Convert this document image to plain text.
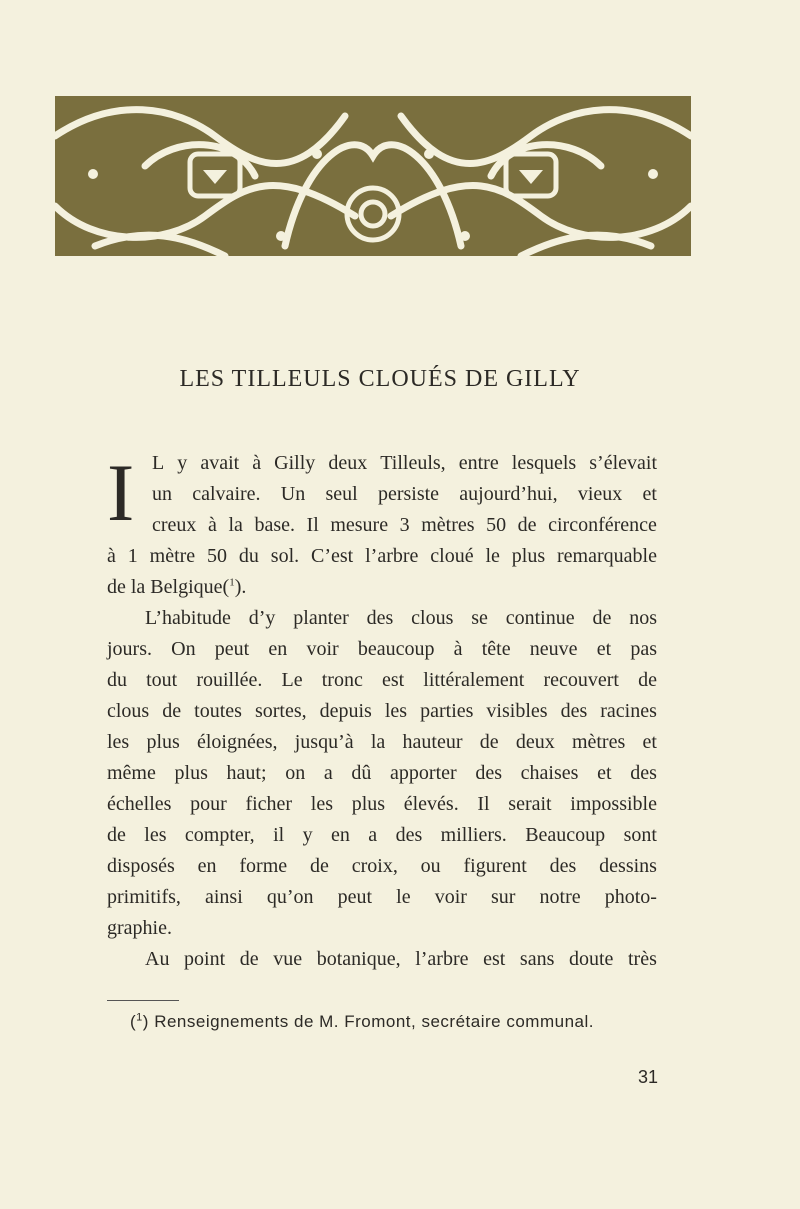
LES TILLEULS CLOUÉS DE GILLY
I L y avait à Gilly deux Tilleuls, entre lesquels s’élevait
un calvaire. Un seul persiste aujourd’hui, vieux et
creux à la base. Il mesure 3 mètres 50 de circonférence
à 1 mètre 50 du sol. C’est l’arbre cloué le plus remarquable
de la Belgique ($^1$ ).
L’habitude d’y planter des clous se continue de nos
jours. On peut en voir beaucoup à tête neuve et pas
du tout rouillée. Le tronc est littéralement recouvert de
clous de toutes sortes, depuis les parties visibles des racines
les plus éloignées, jusqu’à la hauteur de deux mètres et
même plus haut; on a dû apporter des chaises et des
échelles pour ficher les plus élevés. Il serait impossible
de les compter, il y en a des milliers. Beaucoup sont
disposés en forme de croix, ou figurent des dessins
primitifs, ainsi qu’on peut le voir sur notre photo-
graphie.
Au point de vue botanique, l’arbre est sans doute très
($^1$) Renseignements de M. Fromont, secrétaire communal.
31
